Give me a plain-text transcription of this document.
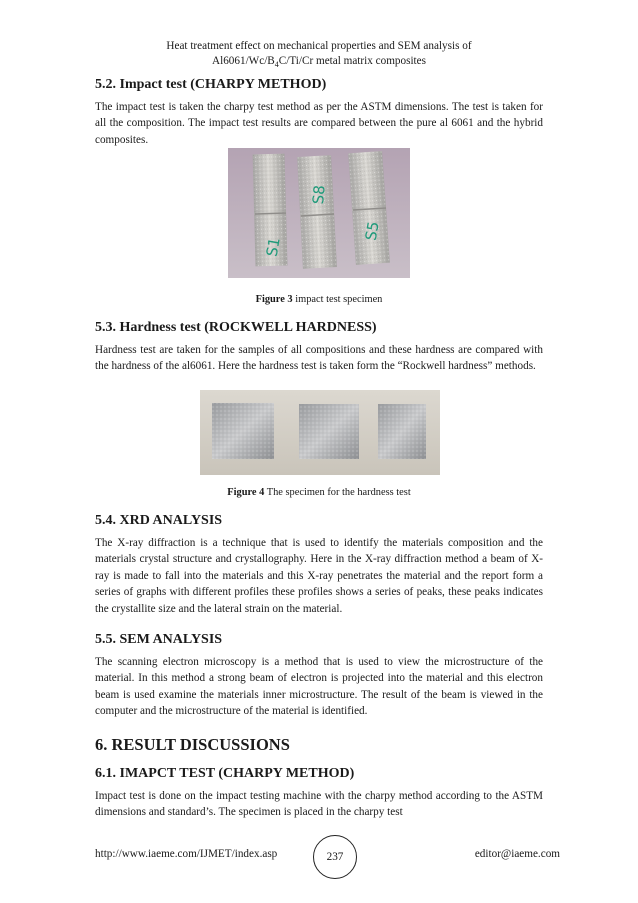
Heat treatment effect on mechanical properties and SEM analysis of
$Al6061/Wc/B_4C/Ti/Cr$ metal matrix composites

5.2. Impact test (CHARPY METHOD)

The impact test is taken the charpy test method as per the ASTM dimensions. The test is taken for all the composition. The impact test results are compared between the pure al 6061 and the hybrid composites.

S1
S8
S5
Figure 3 impact test specimen

5.3. Hardness test (ROCKWELL HARDNESS)

Hardness test are taken for the samples of all compositions and these hardness are compared with the hardness of the al6061. Here the hardness test is taken form the “Rockwell hardness” methods.

Figure 4 The specimen for the hardness test

5.4. XRD ANALYSIS

The X-ray diffraction is a technique that is used to identify the materials composition and the materials crystal structure and crystallography. Here in the X-ray diffraction method a beam of X-ray is made to fall into the materials and this X-ray penetrates the material and the report form a series of graphs with different profiles these profiles shows a series of peaks, these peaks indicates the crystallite size and the lateral strain on the material.

5.5. SEM ANALYSIS

The scanning electron microscopy is a method that is used to view the microstructure of the material. In this method a strong beam of electron is projected into the material and this electron beam is used examine the materials inner microstructure. The result of the beam is viewed in the computer and the microstructure of the material is identified.

6. RESULT DISCUSSIONS

6.1. IMAPCT TEST (CHARPY METHOD)

Impact test is done on the impact testing machine with the charpy method according to the ASTM dimensions and standard’s. The specimen is placed in the charpy test

http://www.iaeme.com/IJMET/index.asp	237	editor@iaeme.com
